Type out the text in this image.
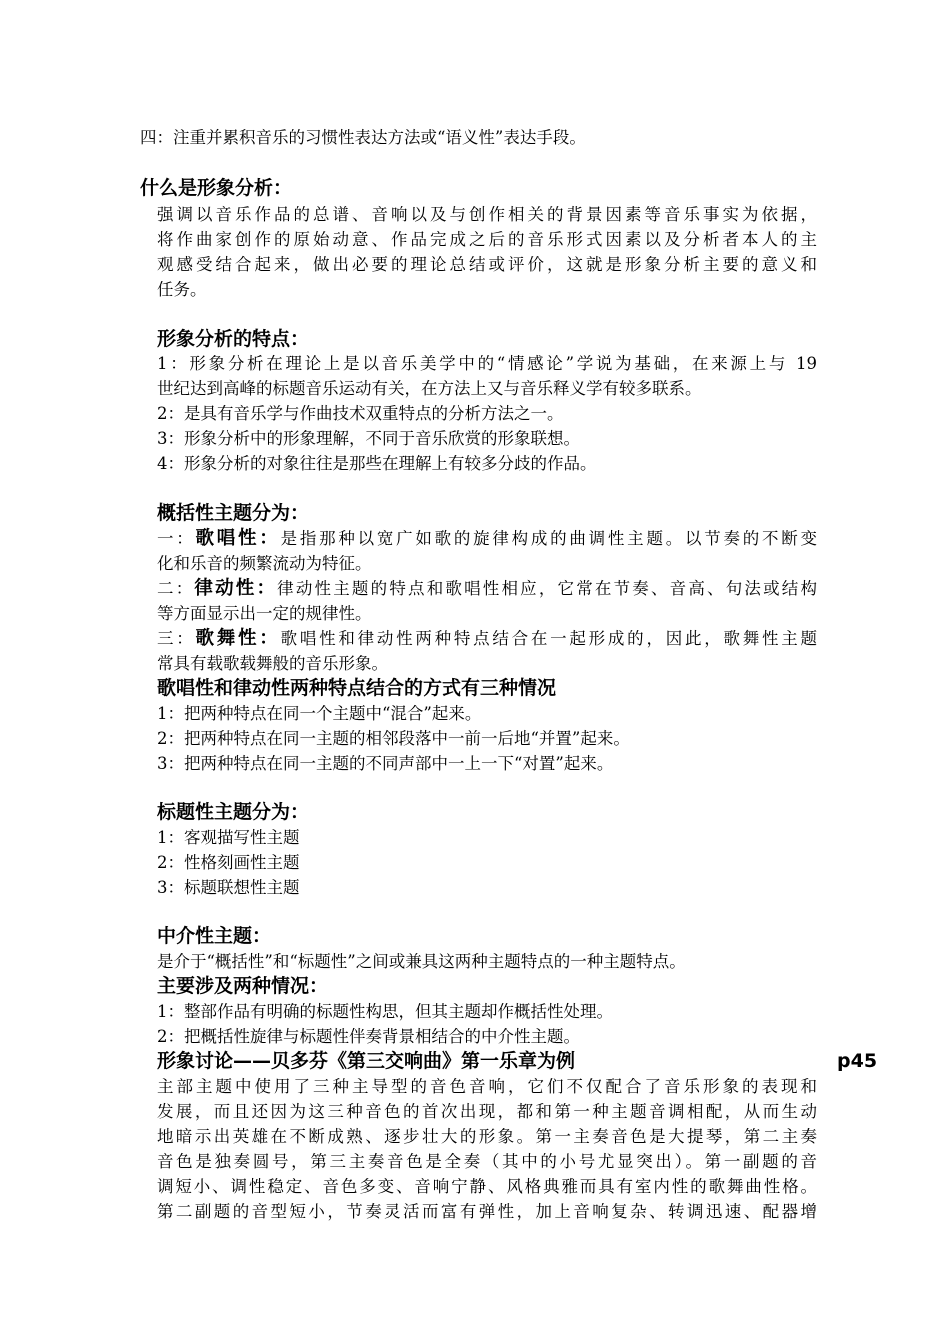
四：注重并累积音乐的习惯性表达方法或“语义性”表达手段。
什么是形象分析：
强调以音乐作品的总谱、音响以及与创作相关的背景因素等音乐事实为依据，
将作曲家创作的原始动意、作品完成之后的音乐形式因素以及分析者本人的主
观感受结合起来，做出必要的理论总结或评价，这就是形象分析主要的意义和
任务。
形象分析的特点：
1：形象分析在理论上是以音乐美学中的“情感论”学说为基础，在来源上与 19
世纪达到高峰的标题音乐运动有关，在方法上又与音乐释义学有较多联系。
2：是具有音乐学与作曲技术双重特点的分析方法之一。
3：形象分析中的形象理解，不同于音乐欣赏的形象联想。
4：形象分析的对象往往是那些在理解上有较多分歧的作品。
概括性主题分为：
一：歌唱性：是指那种以宽广如歌的旋律构成的曲调性主题。以节奏的不断变
化和乐音的频繁流动为特征。
二：律动性：律动性主题的特点和歌唱性相应，它常在节奏、音高、句法或结构
等方面显示出一定的规律性。
三：歌舞性：歌唱性和律动性两种特点结合在一起形成的，因此，歌舞性主题
常具有载歌载舞般的音乐形象。
歌唱性和律动性两种特点结合的方式有三种情况
1：把两种特点在同一个主题中“混合”起来。
2：把两种特点在同一主题的相邻段落中一前一后地“并置”起来。
3：把两种特点在同一主题的不同声部中一上一下“对置”起来。
标题性主题分为：
1：客观描写性主题
2：性格刻画性主题
3：标题联想性主题
中介性主题：
是介于“概括性”和“标题性”之间或兼具这两种主题特点的一种主题特点。
主要涉及两种情况：
1：整部作品有明确的标题性构思，但其主题却作概括性处理。
2：把概括性旋律与标题性伴奏背景相结合的中介性主题。
形象讨论——贝多芬《第三交响曲》第一乐章为例	p45
主部主题中使用了三种主导型的音色音响，它们不仅配合了音乐形象的表现和
发展，而且还因为这三种音色的首次出现，都和第一种主题音调相配，从而生动
地暗示出英雄在不断成熟、逐步壮大的形象。第一主奏音色是大提琴，第二主奏
音色是独奏圆号，第三主奏音色是全奏（其中的小号尤显突出）。第一副题的音
调短小、调性稳定、音色多变、音响宁静、风格典雅而具有室内性的歌舞曲性格。
第二副题的音型短小，节奏灵活而富有弹性，加上音响复杂、转调迅速、配器增
